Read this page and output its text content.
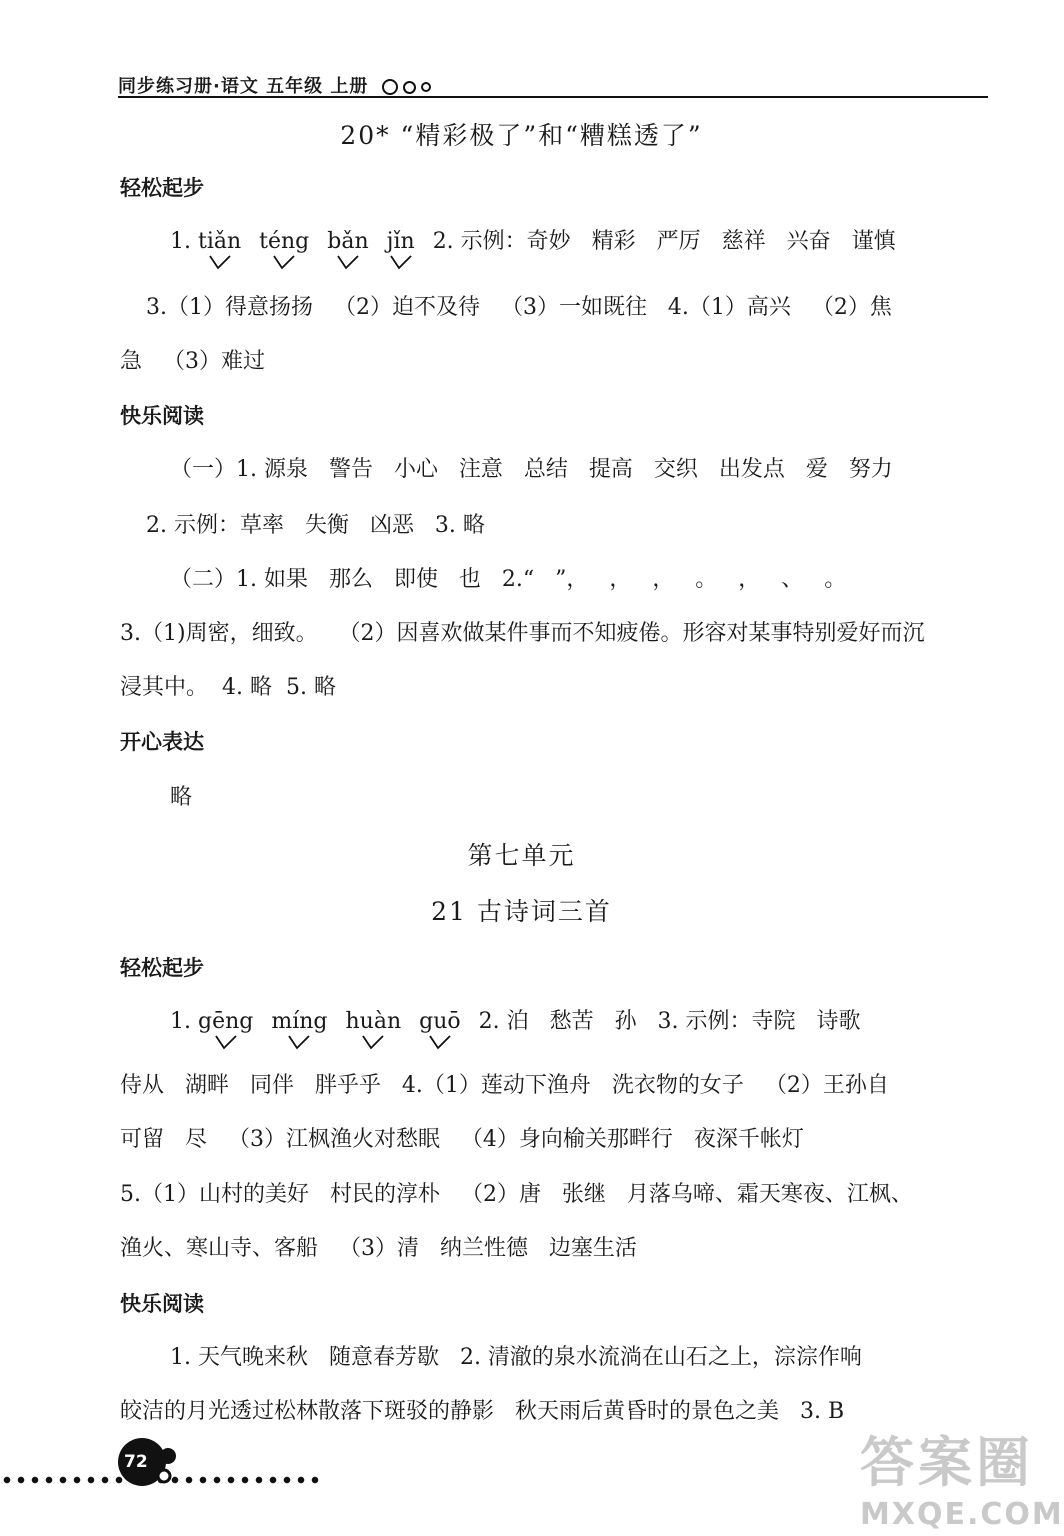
同步练习册·语文 五年级 上册
20* “精彩极了”和“糟糕透了”
轻松起步
1. tiǎn téng bǎn jǐn 2. 示例：奇妙   精彩   严厉   慈祥   兴奋   谨慎
3.（1）得意扬扬   （2）迫不及待   （3）一如既往   4.（1）高兴   （2）焦
急   （3）难过
快乐阅读
（一）1. 源泉   警告   小心   注意   总结   提高   交织   出发点   爱   努力
2. 示例：草率   失衡   凶恶   3. 略
（二）1. 如果   那么   即使   也   2.“   ”，   ，   ，   。   ，   、   。
3.（1)周密，细致。   （2）因喜欢做某件事而不知疲倦。形容对某事特别爱好而沉
浸其中。  4. 略  5. 略
开心表达
略
第七单元
21 古诗词三首
轻松起步
1. gēng míng huàn guō 2. 泊   愁苦   孙   3. 示例：寺院   诗歌
侍从   湖畔   同伴   胖乎乎   4.（1）莲动下渔舟   洗衣物的女子   （2）王孙自
可留   尽   （3）江枫渔火对愁眠   （4）身向榆关那畔行   夜深千帐灯
5.（1）山村的美好   村民的淳朴   （2）唐   张继   月落乌啼、霜天寒夜、江枫、
渔火、寒山寺、客船   （3）清   纳兰性德   边塞生活
快乐阅读
1. 天气晚来秋   随意春芳歇   2. 清澈的泉水流淌在山石之上，淙淙作响
皎洁的月光透过松林散落下斑驳的静影   秋天雨后黄昏时的景色之美   3. B
72	答案圈
MXQE.COM
